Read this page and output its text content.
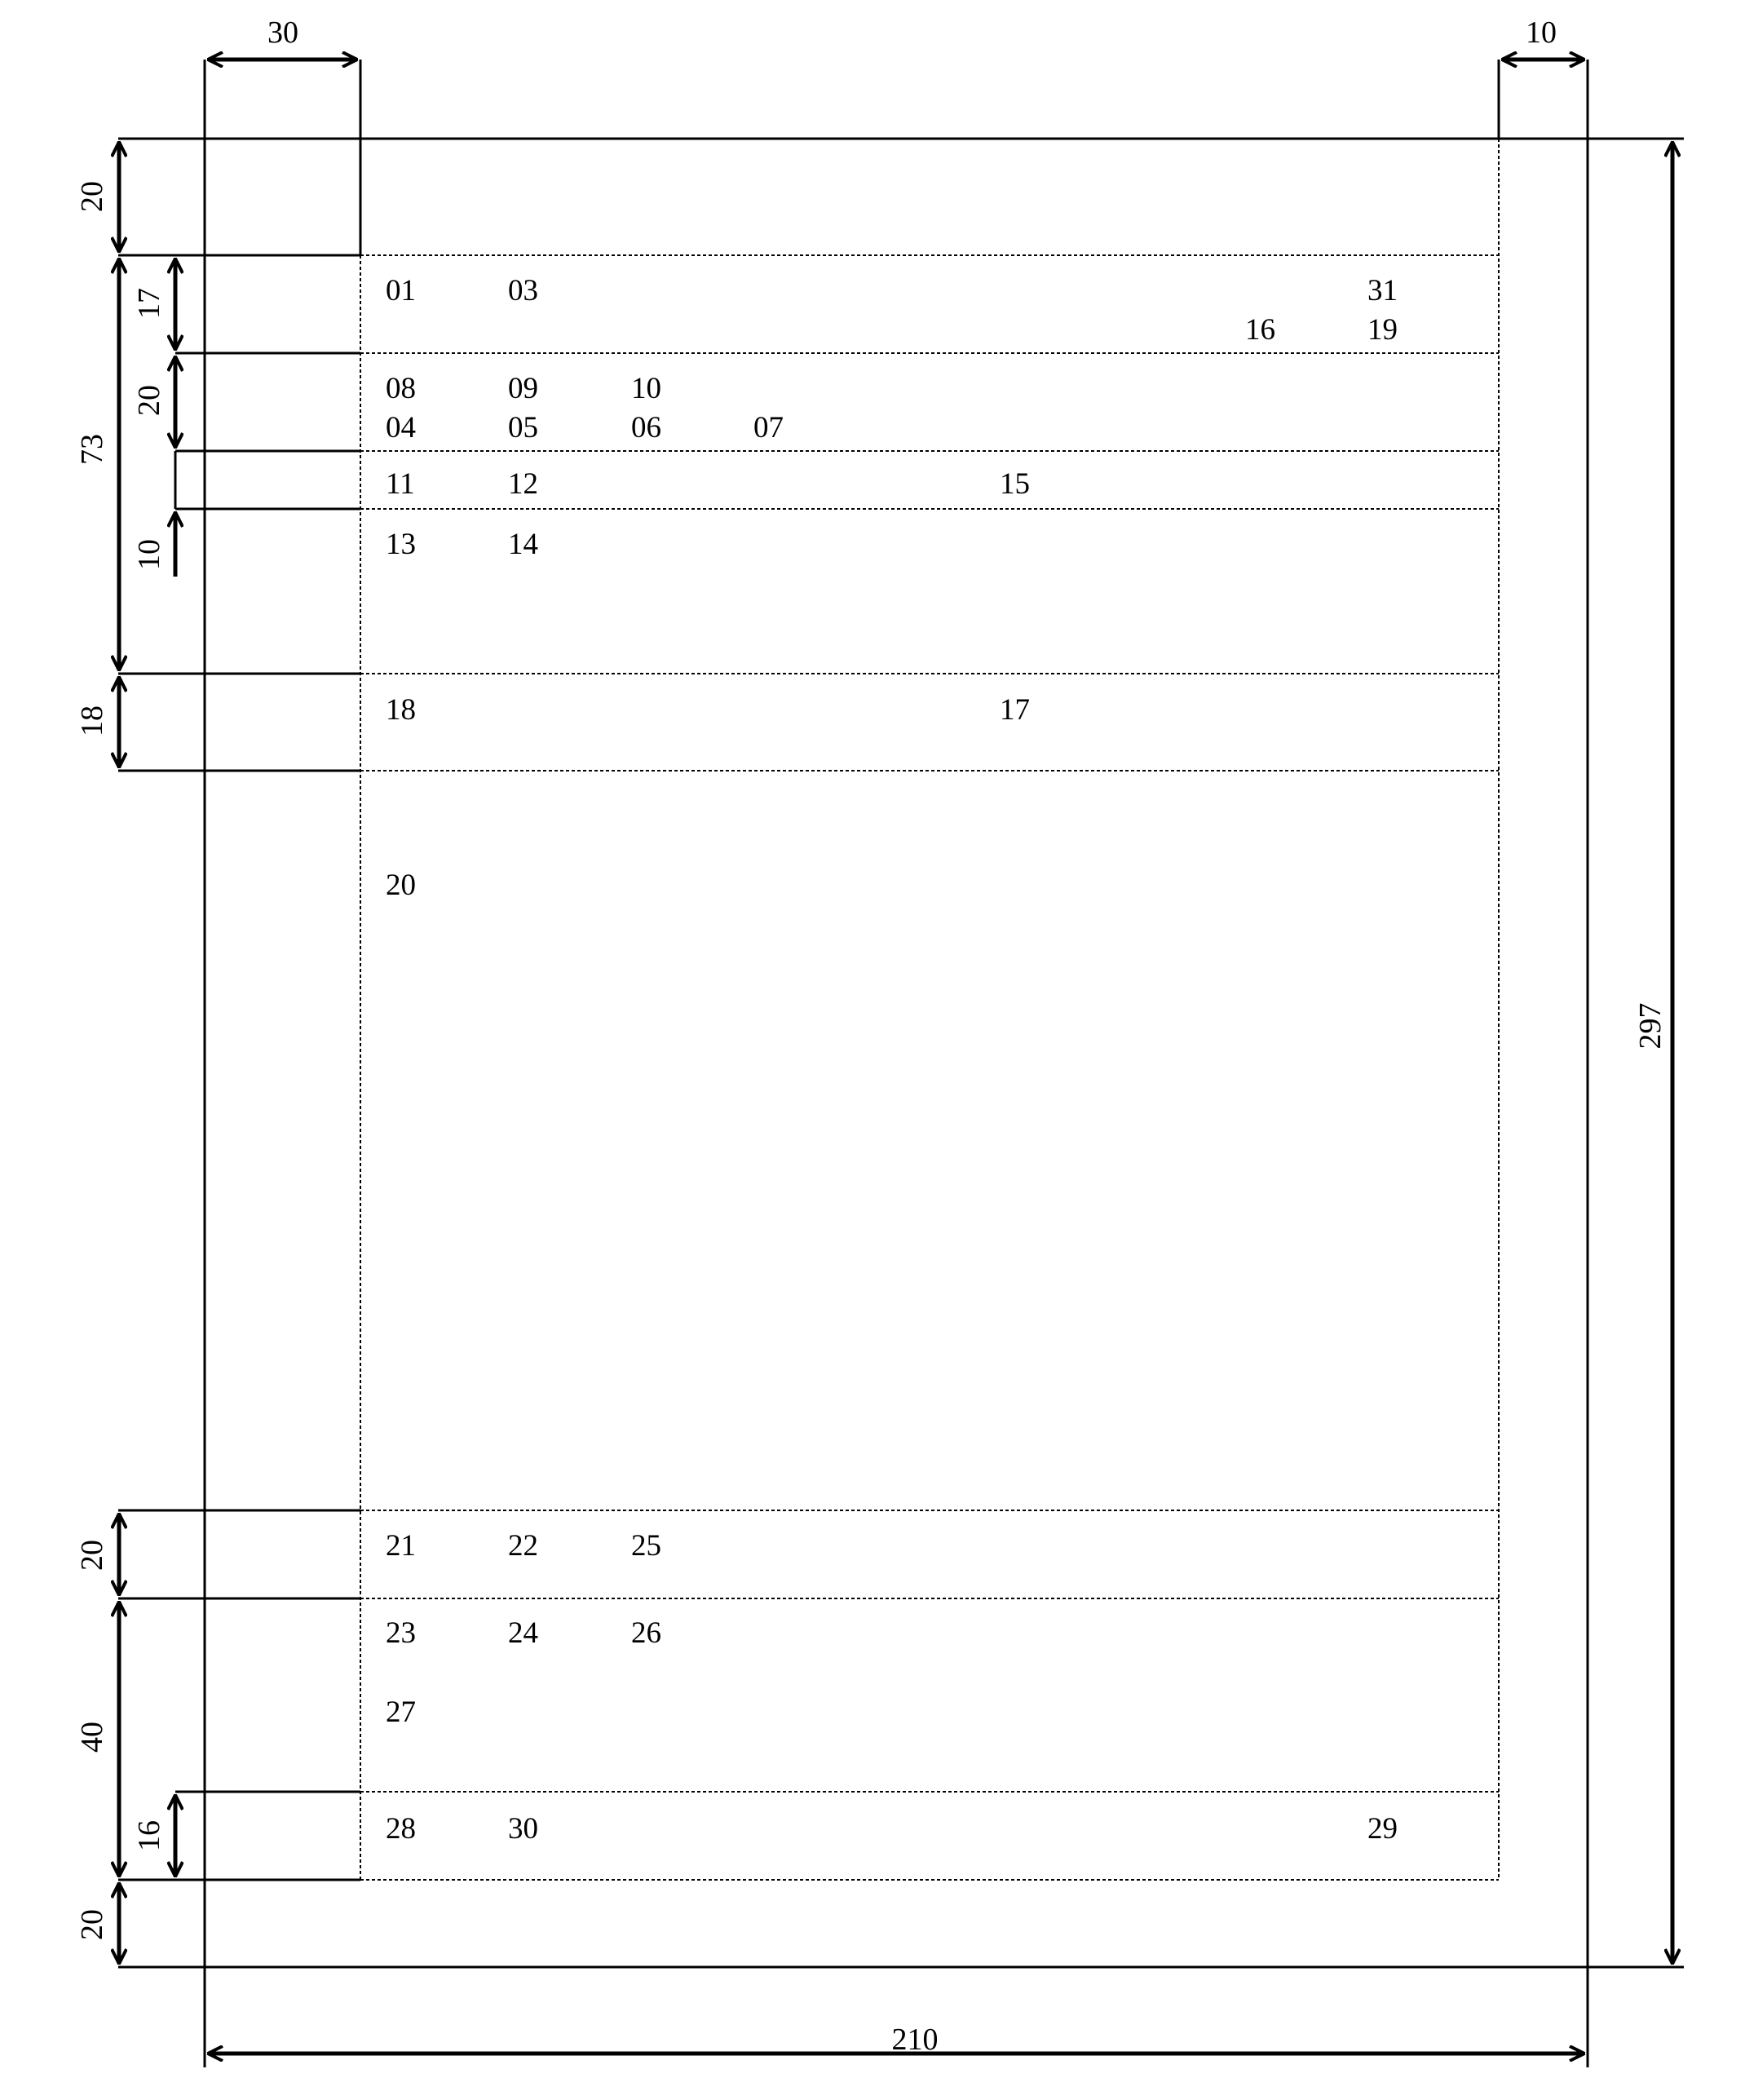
30	10
210
297
20
73
17
20
10
18
20
40
16
20
01	03	31
16	19
08	09	10
04	05	06	07
11	12	15
13	14
18	17
20
21	22	25
23	24	26
27
28	30	29
